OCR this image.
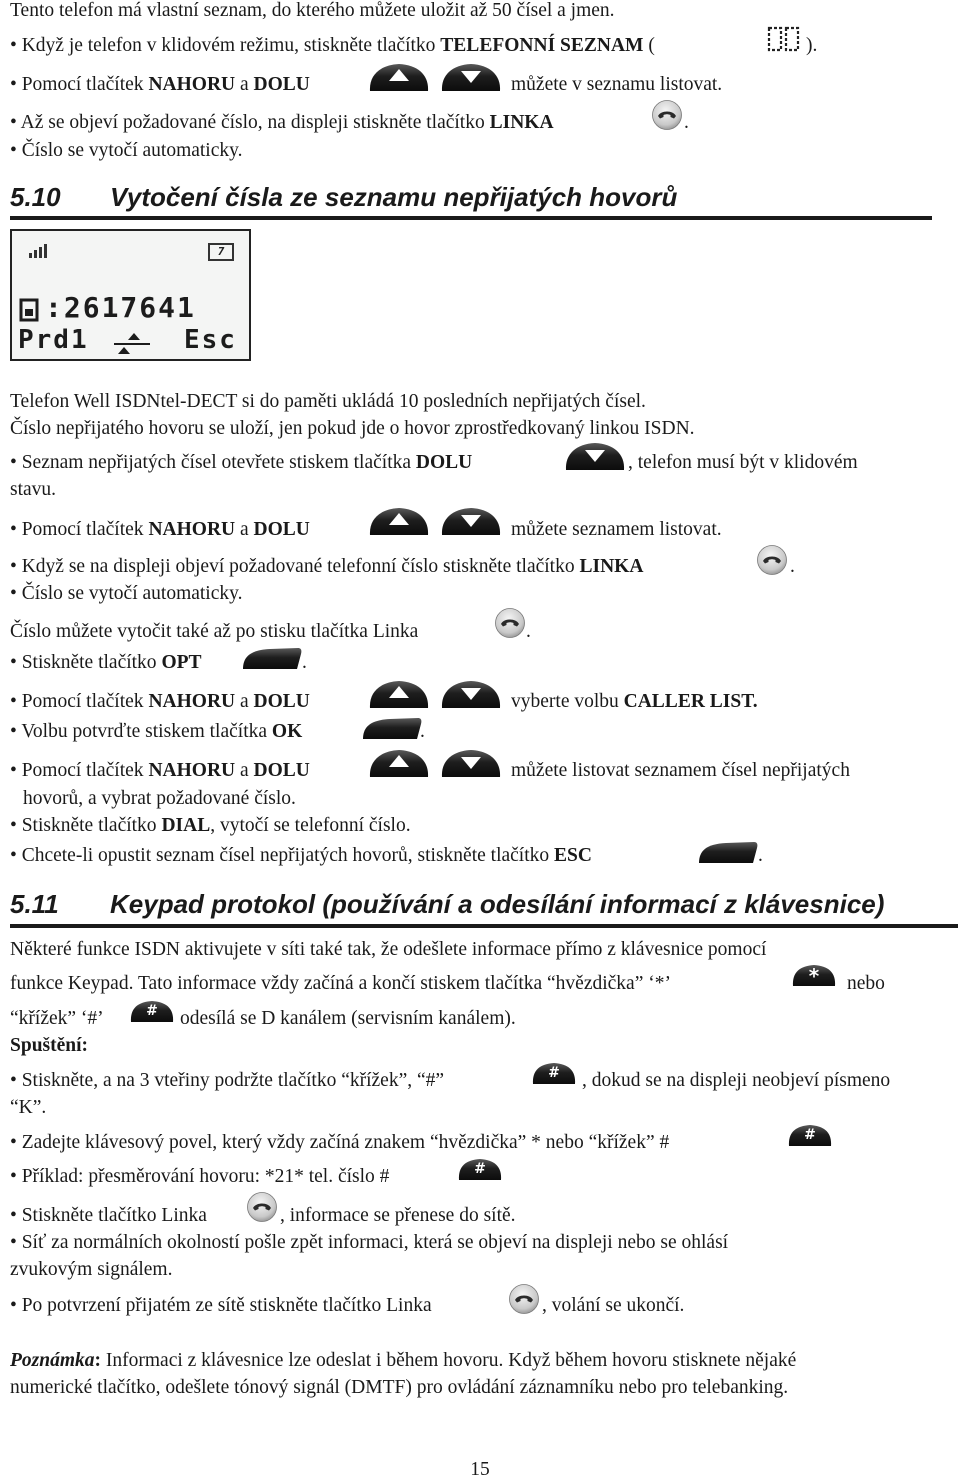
Tento telefon má vlastní seznam, do kterého můžete uložit až 50 čísel a jmen.
• Když je telefon v klidovém režimu, stiskněte tlačítko TELEFONNÍ SEZNAM (	).
• Pomocí tlačítek NAHORU a DOLU	můžete v seznamu listovat.
• Až se objeví požadované číslo, na displeji stiskněte tlačítko LINKA	.
• Číslo se vytočí automaticky.
5.10 Vytočení čísla ze seznamu nepřijatých hovorů
7
:2617641
Prd1	Esc
Telefon Well ISDNtel-DECT si do paměti ukládá 10 posledních nepřijatých čísel.
Číslo nepřijatého hovoru se uloží, jen pokud jde o hovor zprostředkovaný linkou ISDN.
• Seznam nepřijatých čísel otevřete stiskem tlačítka DOLU	, telefon musí být v klidovém
stavu.
• Pomocí tlačítek NAHORU a DOLU	můžete seznamem listovat.
• Když se na displeji objeví požadované telefonní číslo stiskněte tlačítko LINKA	.
• Číslo se vytočí automaticky.
Číslo můžete vytočit také až po stisku tlačítka Linka	.
• Stiskněte tlačítko OPT	.
• Pomocí tlačítek NAHORU a DOLU	vyberte volbu CALLER LIST.
• Volbu potvrďte stiskem tlačítka OK	.
• Pomocí tlačítek NAHORU a DOLU	můžete listovat seznamem čísel nepřijatých
hovorů, a vybrat požadované číslo.
• Stiskněte tlačítko DIAL, vytočí se telefonní číslo.
• Chcete-li opustit seznam čísel nepřijatých hovorů, stiskněte tlačítko ESC	.
5.11 Keypad protokol (používání a odesílání informací z klávesnice)
Některé funkce ISDN aktivujete v síti také tak, že odešlete informace přímo z klávesnice pomocí
funkce Keypad. Tato informace vždy začíná a končí stiskem tlačítka “hvězdička” ‘*’	nebo
“křížek” ‘#’	odesílá se D kanálem (servisním kanálem).
Spuštění:
• Stiskněte, a na 3 vteřiny podržte tlačítko “křížek”, “#”	, dokud se na displeji neobjeví písmeno
“K”.
• Zadejte klávesový povel, který vždy začíná znakem “hvězdička” * nebo “křížek” #
• Příklad: přesměrování hovoru: *21* tel. číslo #
• Stiskněte tlačítko Linka	, informace se přenese do sítě.
• Síť za normálních okolností pošle zpět informaci, která se objeví na displeji nebo se ohlásí
zvukovým signálem.
• Po potvrzení přijatém ze sítě stiskněte tlačítko Linka	, volání se ukončí.
Poznámka: Informaci z klávesnice lze odeslat i během hovoru. Když během hovoru stisknete nějaké
numerické tlačítko, odešlete tónový signál (DMTF) pro ovládání záznamníku nebo pro telebanking.
15
